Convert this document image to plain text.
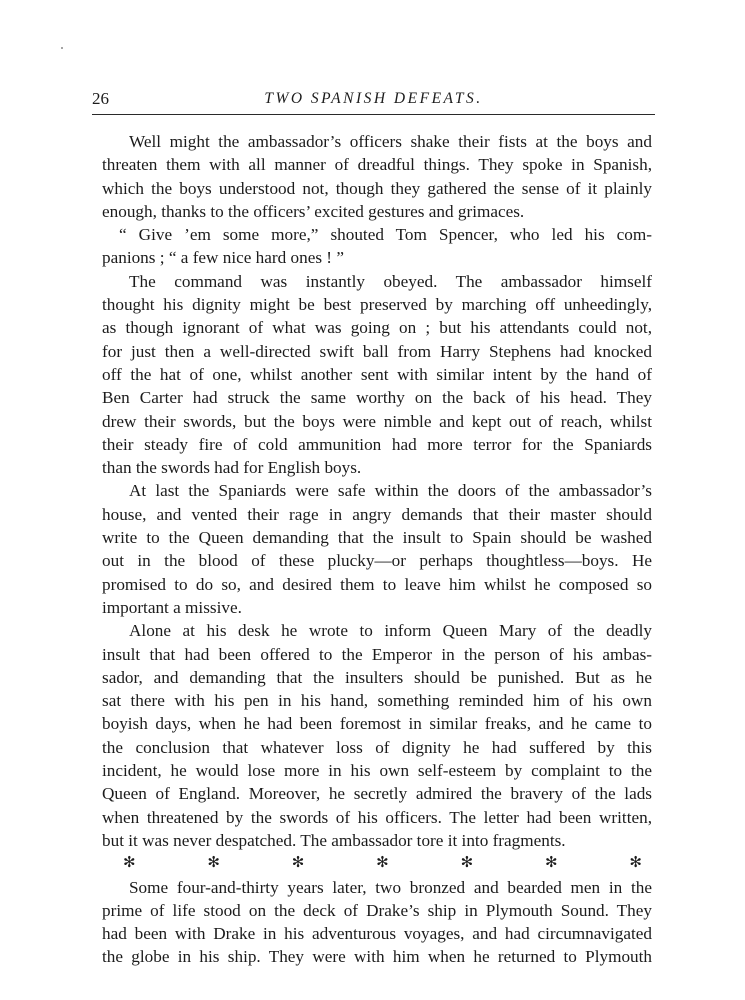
26	TWO SPANISH DEFEATS.
Well might the ambassador’s officers shake their fists at the boys and
threaten them with all manner of dreadful things. They spoke in Spanish,
which the boys understood not, though they gathered the sense of it plainly
enough, thanks to the officers’ excited gestures and grimaces.
“ Give ’em some more,” shouted Tom Spencer, who led his com-
panions ; “ a few nice hard ones ! ”
The command was instantly obeyed. The ambassador himself
thought his dignity might be best preserved by marching off unheedingly,
as though ignorant of what was going on ; but his attendants could not,
for just then a well-directed swift ball from Harry Stephens had knocked
off the hat of one, whilst another sent with similar intent by the hand of
Ben Carter had struck the same worthy on the back of his head. They
drew their swords, but the boys were nimble and kept out of reach, whilst
their steady fire of cold ammunition had more terror for the Spaniards
than the swords had for English boys.
At last the Spaniards were safe within the doors of the ambassador’s
house, and vented their rage in angry demands that their master should
write to the Queen demanding that the insult to Spain should be washed
out in the blood of these plucky—or perhaps thoughtless—boys. He
promised to do so, and desired them to leave him whilst he composed so
important a missive.
Alone at his desk he wrote to inform Queen Mary of the deadly
insult that had been offered to the Emperor in the person of his ambas-
sador, and demanding that the insulters should be punished. But as he
sat there with his pen in his hand, something reminded him of his own
boyish days, when he had been foremost in similar freaks, and he came to
the conclusion that whatever loss of dignity he had suffered by this
incident, he would lose more in his own self-esteem by complaint to the
Queen of England. Moreover, he secretly admired the bravery of the lads
when threatened by the swords of his officers. The letter had been written,
but it was never despatched. The ambassador tore it into fragments.
✻	✻	✻	✻	✻	✻	✻
Some four-and-thirty years later, two bronzed and bearded men in the
prime of life stood on the deck of Drake’s ship in Plymouth Sound. They
had been with Drake in his adventurous voyages, and had circumnavigated
the globe in his ship. They were with him when he returned to Plymouth
